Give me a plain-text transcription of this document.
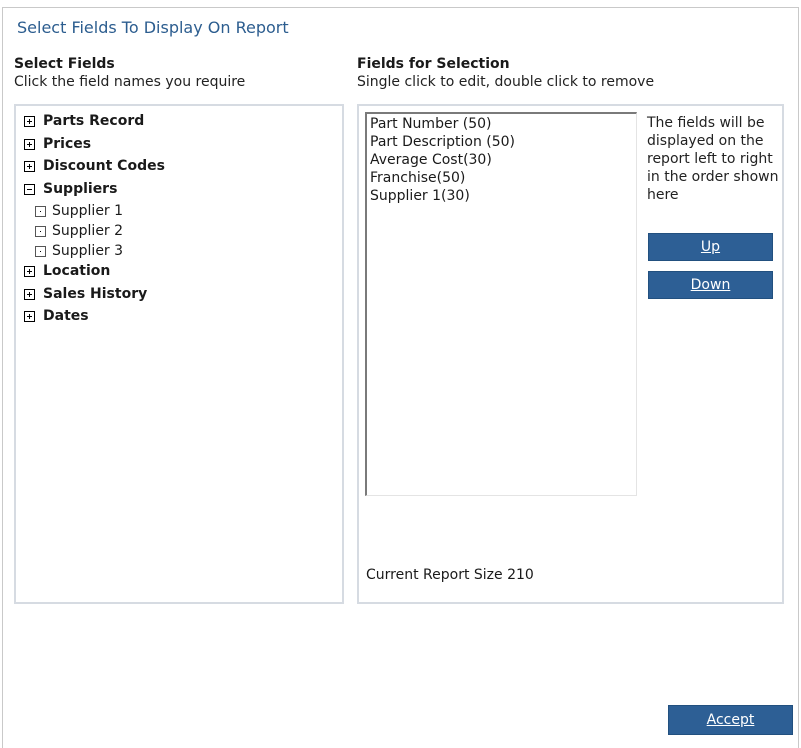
Select Fields To Display On Report
Select Fields
Click the field names you require
Parts Record
Prices
Discount Codes
Suppliers
Supplier 1
Supplier 2
Supplier 3
Location
Sales History
Dates
Fields for Selection
Single click to edit, double click to remove
Part Number (50)
Part Description (50)
Average Cost(30)
Franchise(50)
Supplier 1(30)
The fields will be displayed on the report left to right in the order shown here
Up
Down
Current Report Size 210
Accept
